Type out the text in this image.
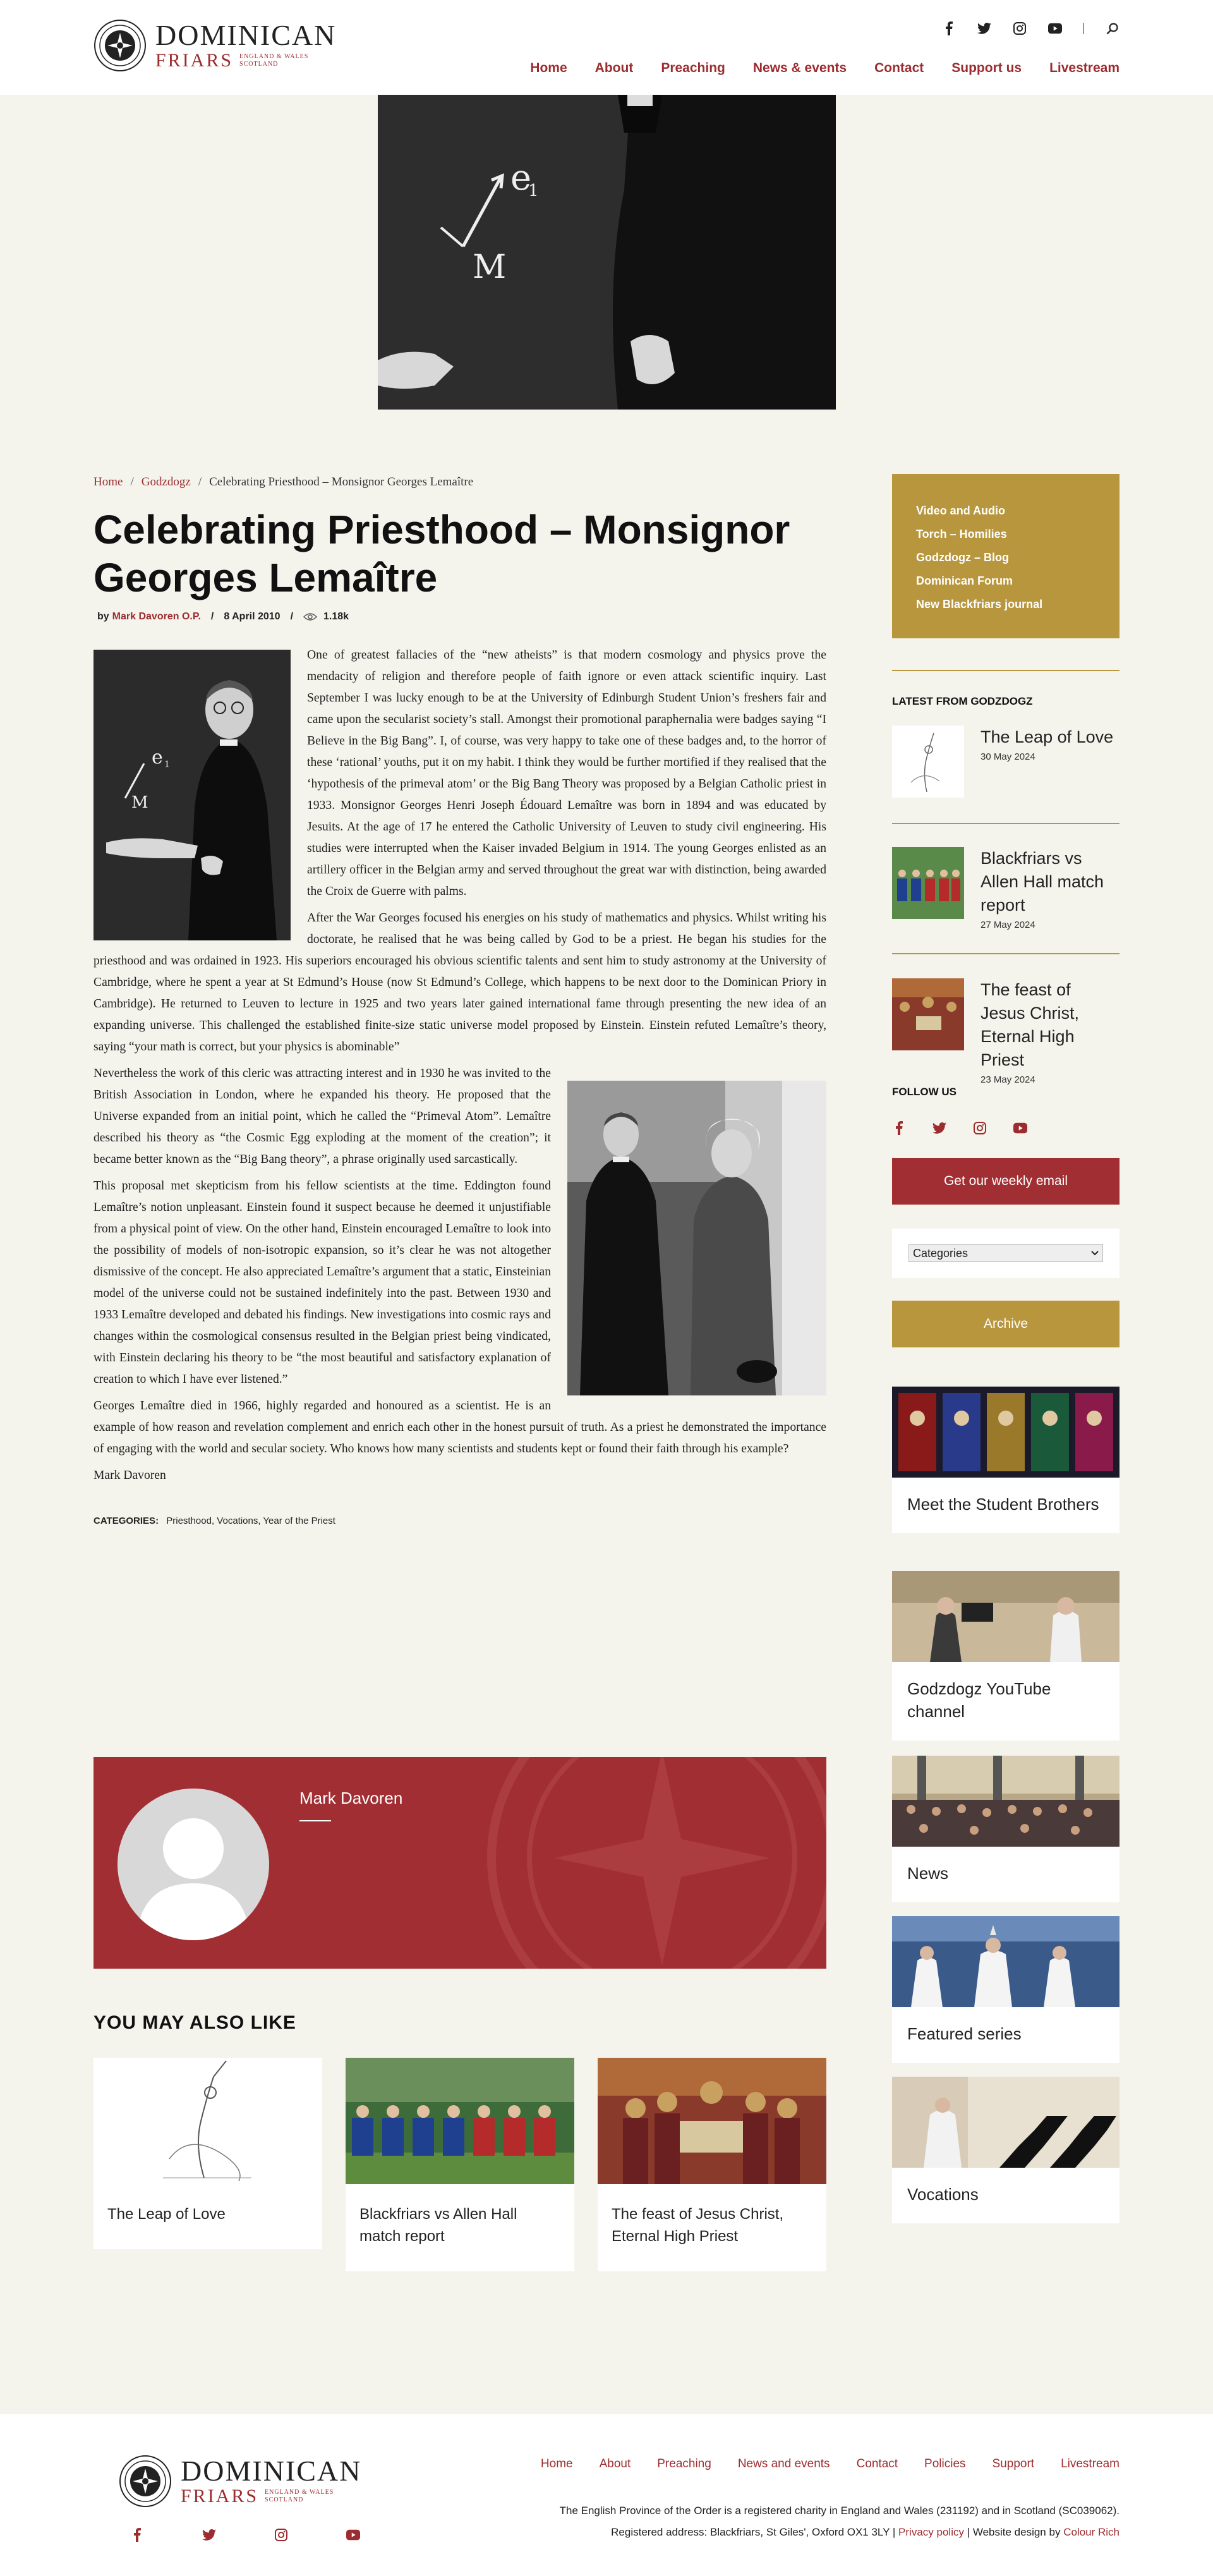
DOMINICAN
FRIARS ENGLAND & WALES
SCOTLAND	Home About Preaching News & events Contact Support us Livestream
e
1
M
Home / Godzdogz / Celebrating Priesthood – Monsignor Georges Lemaître
Celebrating Priesthood – Monsignor Georges Lemaître
by Mark Davoren O.P. / 8 April 2010 /	1.18k
e 1
M

One of greatest fallacies of the “new atheists” is that modern cosmology and physics prove the mendacity of religion and therefore people of faith ignore or even attack scientific inquiry. Last September I was lucky enough to be at the University of Edinburgh Student Union’s freshers fair and came upon the secularist society’s stall. Amongst their promotional paraphernalia were badges saying “I Believe in the Big Bang”. I, of course, was very happy to take one of these badges and, to the horror of these ‘rational’ youths, put it on my habit. I think they would be further mortified if they realised that the ‘hypothesis of the primeval atom’ or the Big Bang Theory was proposed by a Belgian Catholic priest in 1933. Monsignor Georges Henri Joseph Édouard Lemaître was born in 1894 and was educated by Jesuits. At the age of 17 he entered the Catholic University of Leuven to study civil engineering. His studies were interrupted when the Kaiser invaded Belgium in 1914. The young Georges enlisted as an artillery officer in the Belgian army and served throughout the great war with distinction, being awarded the Croix de Guerre with palms.

After the War Georges focused his energies on his study of mathematics and physics. Whilst writing his doctorate, he realised that he was being called by God to be a priest. He began his studies for the priesthood and was ordained in 1923. His superiors encouraged his obvious scientific talents and sent him to study astronomy at the University of Cambridge, where he spent a year at St Edmund’s House (now St Edmund’s College, which happens to be next door to the Dominican Priory in Cambridge). He returned to Leuven to lecture in 1925 and two years later gained international fame through presenting the new idea of an expanding universe. This challenged the established finite-size static universe model proposed by Einstein. Einstein refuted Lemaître’s theory, saying “your math is correct, but your physics is abominable”

Nevertheless the work of this cleric was attracting interest and in 1930 he was invited to the British Association in London, where he expanded his theory. He proposed that the Universe expanded from an initial point, which he called the “Primeval Atom”. Lemaître described his theory as “the Cosmic Egg exploding at the moment of the creation”; it became better known as the “Big Bang theory”, a phrase originally used sarcastically.

This proposal met skepticism from his fellow scientists at the time. Eddington found Lemaître’s notion unpleasant. Einstein found it suspect because he deemed it unjustifiable from a physical point of view. On the other hand, Einstein encouraged Lemaître to look into the possibility of models of non-isotropic expansion, so it’s clear he was not altogether dismissive of the concept. He also appreciated Lemaître’s argument that a static, Einsteinian model of the universe could not be sustained indefinitely into the past. Between 1930 and 1933 Lemaître developed and debated his findings. New investigations into cosmic rays and changes within the cosmological consensus resulted in the Belgian priest being vindicated, with Einstein declaring his theory to be “the most beautiful and satisfactory explanation of creation to which I have ever listened.”

Georges Lemaître died in 1966, highly regarded and honoured as a scientist. He is an example of how reason and revelation complement and enrich each other in the honest pursuit of truth. As a priest he demonstrated the importance of engaging with the world and secular society. Who knows how many scientists and students kept or found their faith through his example?

Mark Davoren

CATEGORIES: Priesthood, Vocations, Year of the Priest
Mark Davoren
YOU MAY ALSO LIKE
The Leap of Love	Blackfriars vs Allen Hall match report
The feast of Jesus Christ, Eternal High Priest
Video and Audio
Torch – Homilies
Godzdogz – Blog
Dominican Forum
New Blackfriars journal
LATEST FROM GODZDOGZ
The Leap of Love
30 May 2024
Blackfriars vs Allen Hall match report
27 May 2024
The feast of Jesus Christ, Eternal High Priest
23 May 2024
FOLLOW US
Get our weekly email
Categories
Archive
Meet the Student Brothers
Godzdogz YouTube channel
News
Featured series
Vocations
DOMINICAN
FRIARS ENGLAND & WALES
SCOTLAND
Home About Preaching News and events Contact Policies Support Livestream
The English Province of the Order is a registered charity in England and Wales (231192) and in Scotland (SC039062).
Registered address: Blackfriars, St Giles', Oxford OX1 3LY | Privacy policy | Website design by Colour Rich
